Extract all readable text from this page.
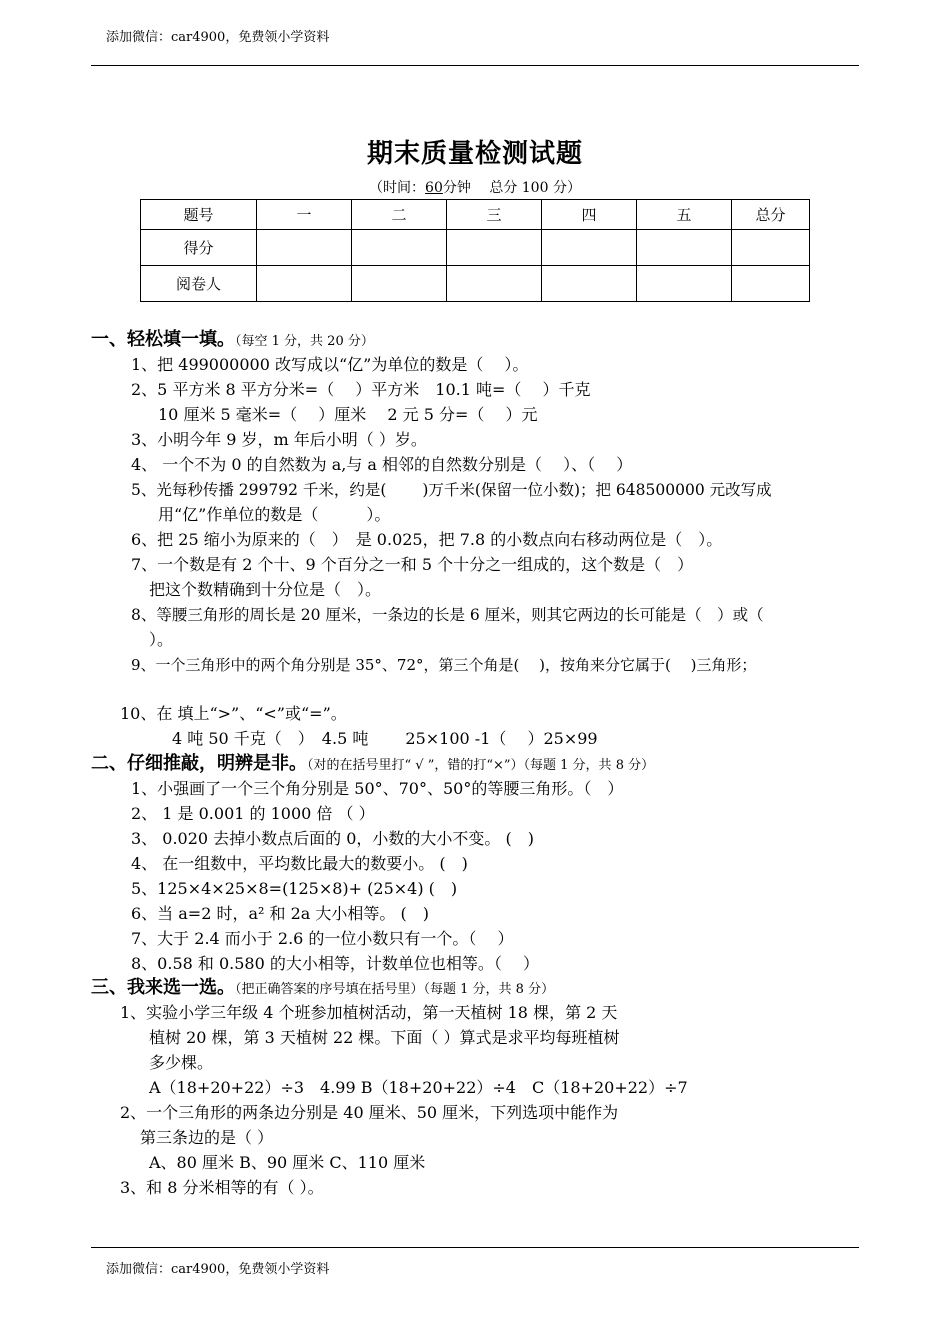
添加微信：car4900，免费领小学资料
期末质量检测试题
（时间：60分钟　 总分 100 分）
题号	一	二	三	四	五	总分
得分						
阅卷人						
一、轻松填一填。（每空 1 分，共 20 分）
1、把 499000000 改写成以“亿”为单位的数是（　 ）。
2、5 平方米 8 平方分米=（　 ）平方米　10.1 吨=（　 ）千克
10 厘米 5 毫米=（　 ）厘米　 2 元 5 分=（　 ）元
3、小明今年 9 岁，m 年后小明（ ）岁。
4、 一个不为 0 的自然数为 a,与 a 相邻的自然数分别是（　 ）、（　 ）
5、光每秒传播 299792 千米，约是(　　 )万千米(保留一位小数)；把 648500000 元改写成
用“亿”作单位的数是（　　　）。
6、把 25 缩小为原来的（　）　是 0.025，把 7.8 的小数点向右移动两位是（　）。
7、一个数是有 2 个十、9 个百分之一和 5 个十分之一组成的，这个数是（　）
把这个数精确到十分位是（　）。
8、等腰三角形的周长是 20 厘米，一条边的长是 6 厘米，则其它两边的长可能是（　）或（
）。
9、一个三角形中的两个角分别是 35°、72°，第三个角是(　 )，按角来分它属于(　 )三角形；
10、在 填上“>”、“<”或“=”。
4 吨 50 千克（　）　4.5 吨　　 25×100 -1（　 ）25×99
二、仔细推敲，明辨是非。（对的在括号里打“ √ ”，错的打“×”）（每题 1 分，共 8 分）
1、小强画了一个三个角分别是 50°、70°、50°的等腰三角形。（　）
2、 1 是 0.001 的 1000 倍 （ ）
3、 0.020 去掉小数点后面的 0，小数的大小不变。 (　)
4、 在一组数中，平均数比最大的数要小。 (　)
5、125×4×25×8=(125×8)+ (25×4) (　)
6、当 a=2 时，a² 和 2a 大小相等。 (　)
7、大于 2.4 而小于 2.6 的一位小数只有一个。（　 ）
8、0.58 和 0.580 的大小相等，计数单位也相等。（　 ）
三、我来选一选。（把正确答案的序号填在括号里）（每题 1 分，共 8 分）
1、实验小学三年级 4 个班参加植树活动，第一天植树 18 棵，第 2 天
植树 20 棵，第 3 天植树 22 棵。下面（ ）算式是求平均每班植树
多少棵。
A（18+20+22）÷3　4.99 B（18+20+22）÷4　C（18+20+22）÷7
2、一个三角形的两条边分别是 40 厘米、50 厘米，下列选项中能作为
第三条边的是（ ）
A、80 厘米 B、90 厘米 C、110 厘米
3、和 8 分米相等的有（ ）。
添加微信：car4900，免费领小学资料
